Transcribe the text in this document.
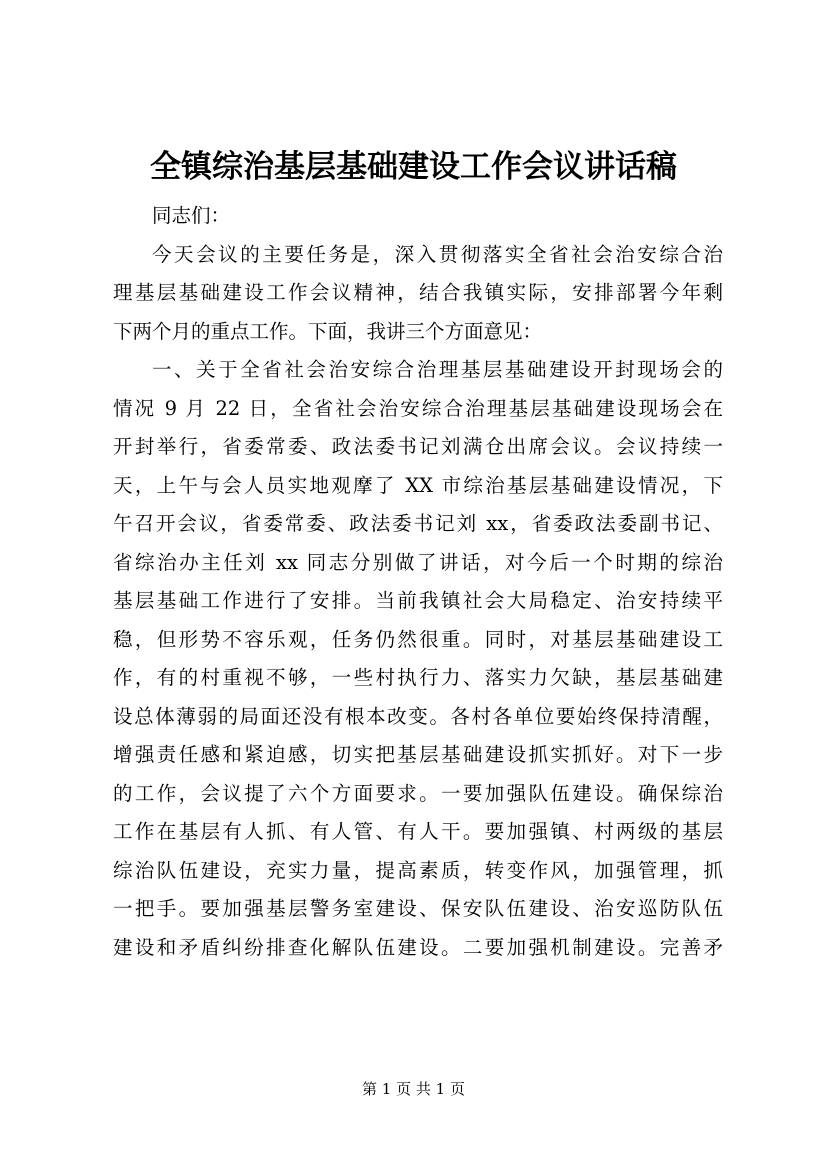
全镇综治基层基础建设工作会议讲话稿
同志们：
今天会议的主要任务是，深入贯彻落实全省社会治安综合治
理基层基础建设工作会议精神，结合我镇实际，安排部署今年剩
下两个月的重点工作。下面，我讲三个方面意见：
一、关于全省社会治安综合治理基层基础建设开封现场会的
情况 9 月 22 日，全省社会治安综合治理基层基础建设现场会在
开封举行，省委常委、政法委书记刘满仓出席会议。会议持续一
天，上午与会人员实地观摩了 XX 市综治基层基础建设情况，下
午召开会议，省委常委、政法委书记刘 xx，省委政法委副书记、
省综治办主任刘 xx 同志分别做了讲话，对今后一个时期的综治
基层基础工作进行了安排。当前我镇社会大局稳定、治安持续平
稳，但形势不容乐观，任务仍然很重。同时，对基层基础建设工
作，有的村重视不够，一些村执行力、落实力欠缺，基层基础建
设总体薄弱的局面还没有根本改变。各村各单位要始终保持清醒，
增强责任感和紧迫感，切实把基层基础建设抓实抓好。对下一步
的工作，会议提了六个方面要求。一要加强队伍建设。确保综治
工作在基层有人抓、有人管、有人干。要加强镇、村两级的基层
综治队伍建设，充实力量，提高素质，转变作风，加强管理，抓
一把手。要加强基层警务室建设、保安队伍建设、治安巡防队伍
建设和矛盾纠纷排查化解队伍建设。二要加强机制建设。完善矛
第 1 页 共 1 页
